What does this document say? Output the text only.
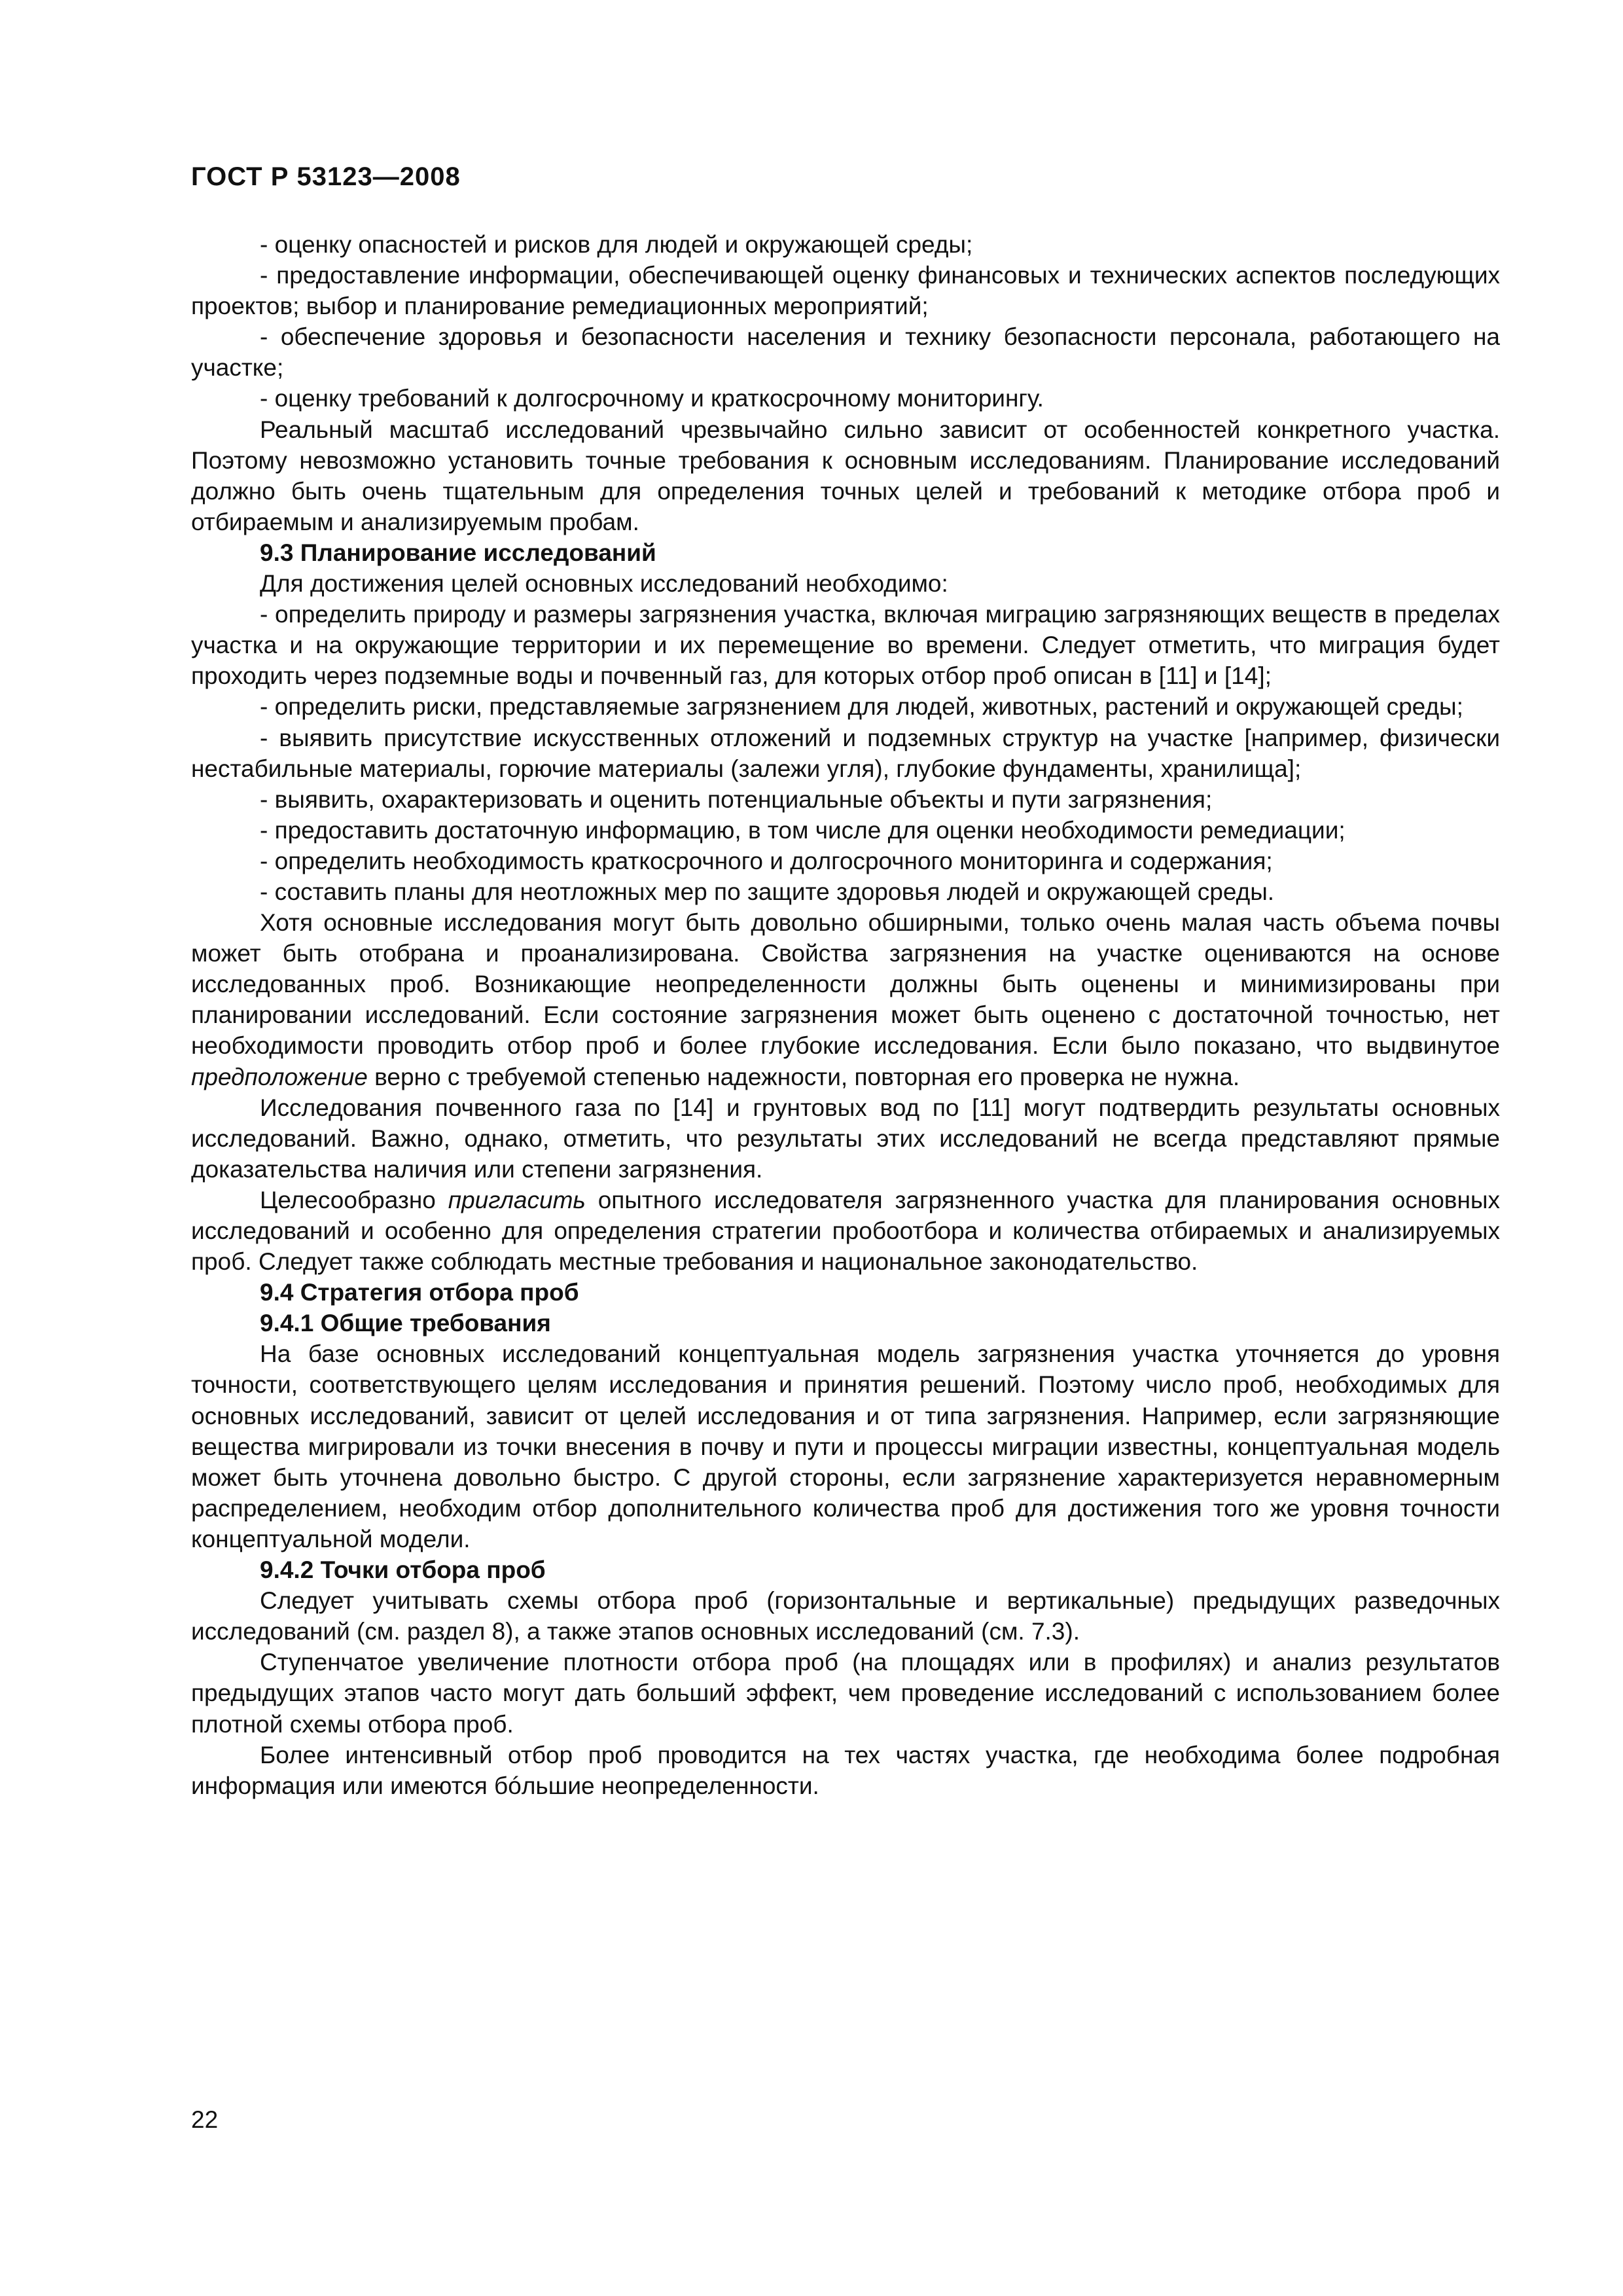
ГОСТ Р 53123—2008

- оценку опасностей и рисков для людей и окружающей среды;

- предоставление информации, обеспечивающей оценку финансовых и технических аспектов последующих проектов; выбор и планирование ремедиационных мероприятий;

- обеспечение здоровья и безопасности населения и технику безопасности персонала, работающего на участке;

- оценку требований к долгосрочному и краткосрочному мониторингу.

Реальный масштаб исследований чрезвычайно сильно зависит от особенностей конкретного участка. Поэтому невозможно установить точные требования к основным исследованиям. Планирование исследований должно быть очень тщательным для определения точных целей и требований к методике отбора проб и отбираемым и анализируемым пробам.

9.3 Планирование исследований

Для достижения целей основных исследований необходимо:

- определить природу и размеры загрязнения участка, включая миграцию загрязняющих веществ в пределах участка и на окружающие территории и их перемещение во времени. Следует отметить, что миграция будет проходить через подземные воды и почвенный газ, для которых отбор проб описан в [11] и [14];

- определить риски, представляемые загрязнением для людей, животных, растений и окружающей среды;

- выявить присутствие искусственных отложений и подземных структур на участке [например, физически нестабильные материалы, горючие материалы (залежи угля), глубокие фундаменты, хранилища];

- выявить, охарактеризовать и оценить потенциальные объекты и пути загрязнения;

- предоставить достаточную информацию, в том числе для оценки необходимости ремедиации;

- определить необходимость краткосрочного и долгосрочного мониторинга и содержания;

- составить планы для неотложных мер по защите здоровья людей и окружающей среды.

Хотя основные исследования могут быть довольно обширными, только очень малая часть объема почвы может быть отобрана и проанализирована. Свойства загрязнения на участке оцениваются на основе исследованных проб. Возникающие неопределенности должны быть оценены и минимизированы при планировании исследований. Если состояние загрязнения может быть оценено с достаточной точностью, нет необходимости проводить отбор проб и более глубокие исследования. Если было показано, что выдвинутое предположение верно с требуемой степенью надежности, повторная его проверка не нужна.

Исследования почвенного газа по [14] и грунтовых вод по [11] могут подтвердить результаты основных исследований. Важно, однако, отметить, что результаты этих исследований не всегда представляют прямые доказательства наличия или степени загрязнения.

Целесообразно пригласить опытного исследователя загрязненного участка для планирования основных исследований и особенно для определения стратегии пробоотбора и количества отбираемых и анализируемых проб. Следует также соблюдать местные требования и национальное законодательство.

9.4 Стратегия отбора проб

9.4.1 Общие требования

На базе основных исследований концептуальная модель загрязнения участка уточняется до уровня точности, соответствующего целям исследования и принятия решений. Поэтому число проб, необходимых для основных исследований, зависит от целей исследования и от типа загрязнения. Например, если загрязняющие вещества мигрировали из точки внесения в почву и пути и процессы миграции известны, концептуальная модель может быть уточнена довольно быстро. С другой стороны, если загрязнение характеризуется неравномерным распределением, необходим отбор дополнительного количества проб для достижения того же уровня точности концептуальной модели.

9.4.2 Точки отбора проб

Следует учитывать схемы отбора проб (горизонтальные и вертикальные) предыдущих разведочных исследований (см. раздел 8), а также этапов основных исследований (см. 7.3).

Ступенчатое увеличение плотности отбора проб (на площадях или в профилях) и анализ результатов предыдущих этапов часто могут дать больший эффект, чем проведение исследований с использованием более плотной схемы отбора проб.

Более интенсивный отбор проб проводится на тех частях участка, где необходима более подробная информация или имеются бóльшие неопределенности.

22
